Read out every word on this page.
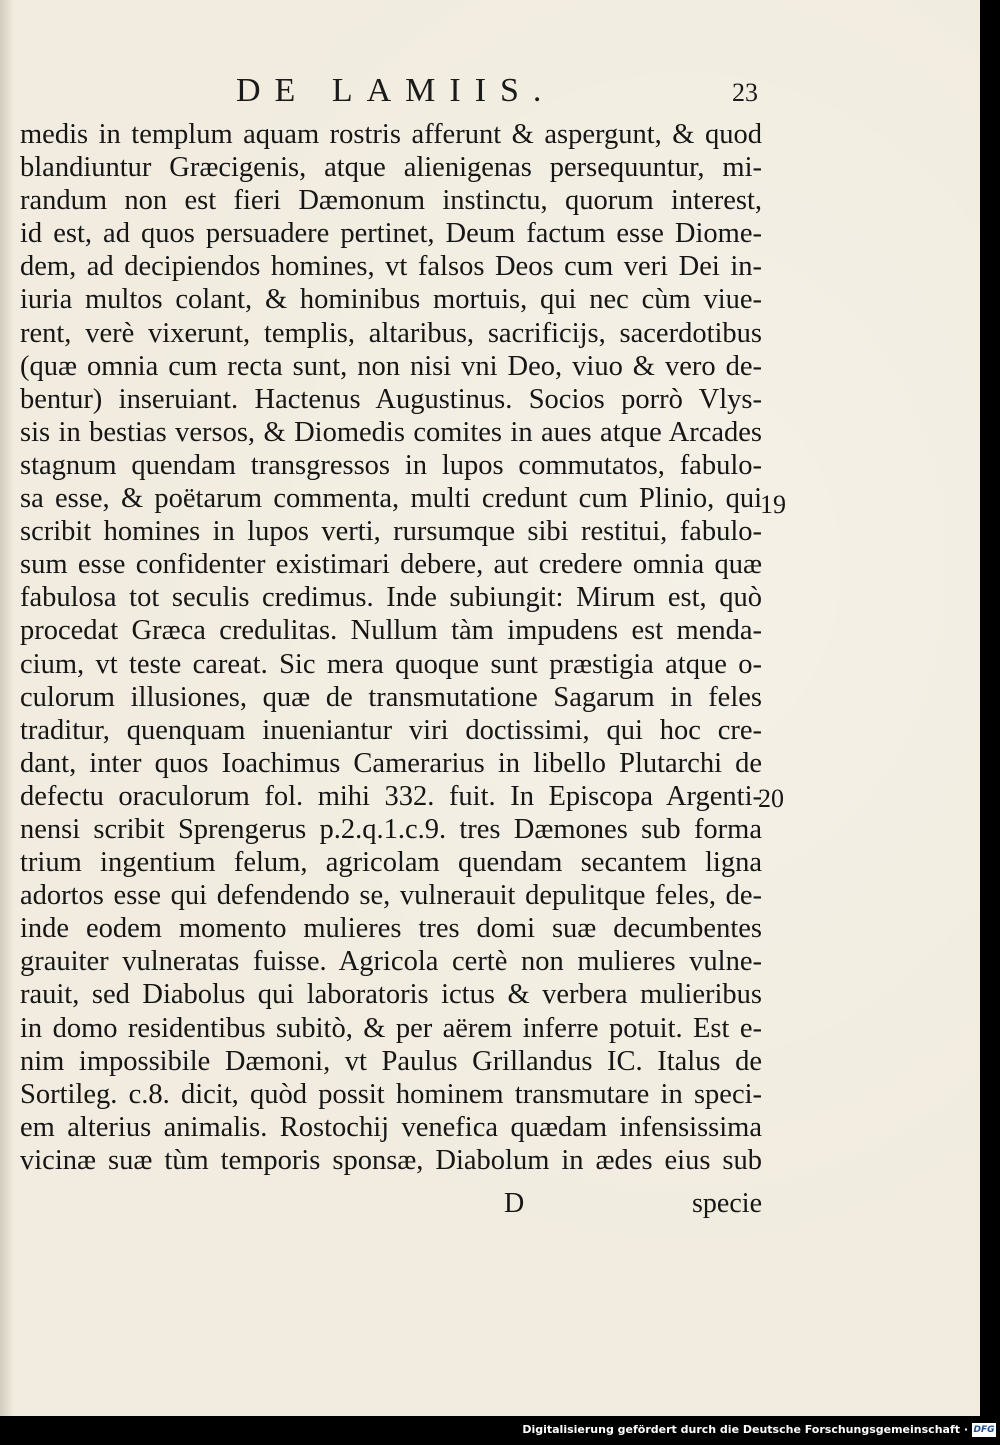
DE LAMIIS.	23
medis in templum aquam rostris afferunt & aspergunt, & quod
blandiuntur Græcigenis, atque alienigenas persequuntur, mi-
randum non est fieri Dæmonum instinctu, quorum interest,
id est, ad quos persuadere pertinet, Deum factum esse Diome-
dem, ad decipiendos homines, vt falsos Deos cum veri Dei in-
iuria multos colant, & hominibus mortuis, qui nec cùm viue-
rent, verè vixerunt, templis, altaribus, sacrificijs, sacerdotibus
(quæ omnia cum recta sunt, non nisi vni Deo, viuo & vero de-
bentur) inseruiant. Hactenus Augustinus. Socios porrò Vlys-
sis in bestias versos, & Diomedis comites in aues atque Arcades
stagnum quendam transgressos in lupos commutatos, fabulo-
sa esse, & poëtarum commenta, multi credunt cum Plinio, qui
scribit homines in lupos verti, rursumque sibi restitui, fabulo-
sum esse confidenter existimari debere, aut credere omnia quæ
fabulosa tot seculis credimus. Inde subiungit: Mirum est, quò
procedat Græca credulitas. Nullum tàm impudens est menda-
cium, vt teste careat. Sic mera quoque sunt præstigia atque o-
culorum illusiones, quæ de transmutatione Sagarum in feles
traditur, quenquam inueniantur viri doctissimi, qui hoc cre-
dant, inter quos Ioachimus Camerarius in libello Plutarchi de
defectu oraculorum fol. mihi 332. fuit. In Episcopa Argenti-
nensi scribit Sprengerus p.2.q.1.c.9. tres Dæmones sub forma
trium ingentium felum, agricolam quendam secantem ligna
adortos esse qui defendendo se, vulnerauit depulitque feles, de-
inde eodem momento mulieres tres domi suæ decumbentes
grauiter vulneratas fuisse. Agricola certè non mulieres vulne-
rauit, sed Diabolus qui laboratoris ictus & verbera mulieribus
in domo residentibus subitò, & per aërem inferre potuit. Est e-
nim impossibile Dæmoni, vt Paulus Grillandus IC. Italus de
Sortileg. c.8. dicit, quòd possit hominem transmutare in speci-
em alterius animalis. Rostochij venefica quædam infensissima
vicinæ suæ tùm temporis sponsæ, Diabolum in ædes eius sub
19
20
D	specie
Digitalisierung gefördert durch die Deutsche Forschungsgemeinschaft · DFG
